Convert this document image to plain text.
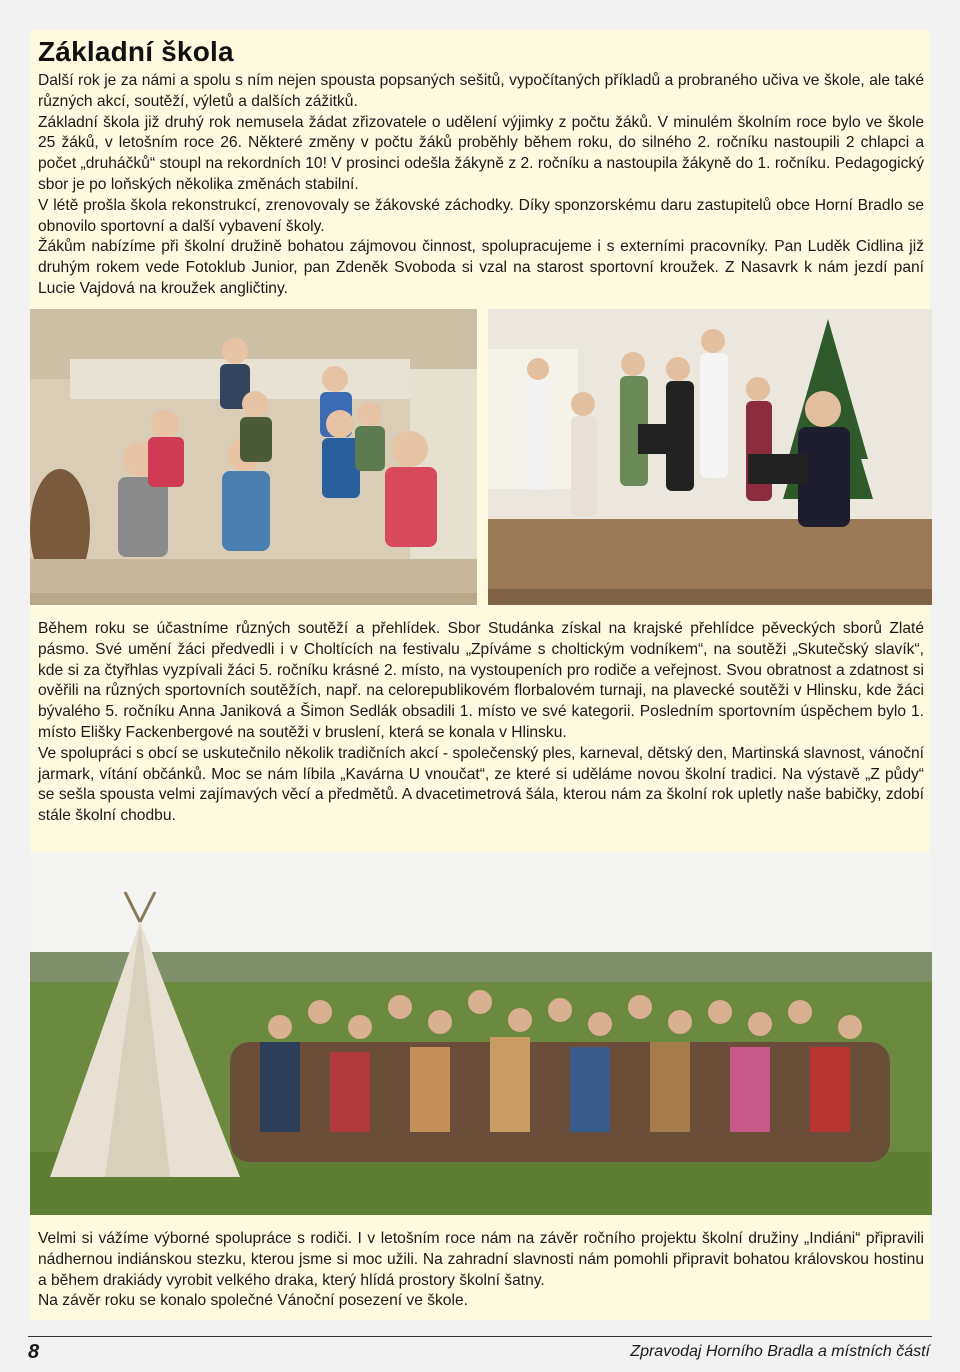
Základní škola

Další rok je za námi a spolu s ním nejen spousta popsaných sešitů, vypočítaných příkladů a probraného učiva ve škole, ale také různých akcí, soutěží, výletů a dalších zážitků.

Základní škola již druhý rok nemusela žádat zřizovatele o udělení výjimky z počtu žáků. V minulém školním roce bylo ve škole 25 žáků, v letošním roce 26. Některé změny v počtu žáků proběhly během roku, do silného 2. ročníku nastoupili 2 chlapci a počet „druháčků“ stoupl na rekordních 10! V prosinci odešla žákyně z 2. ročníku a nastoupila žákyně do 1. ročníku. Pedagogický sbor je po loňských několika změnách stabilní.

V létě prošla škola rekonstrukcí, zrenovovaly se žákovské záchodky. Díky sponzorskému daru zastupitelů obce Horní Bradlo se obnovilo sportovní a další vybavení školy.

Žákům nabízíme při školní družině bohatou zájmovou činnost, spolupracujeme i s externími pracovníky. Pan Luděk Cidlina již druhým rokem vede Fotoklub Junior, pan Zdeněk Svoboda si vzal na starost sportovní kroužek. Z Nasavrk k nám jezdí paní Lucie Vajdová na kroužek angličtiny.

Během roku se účastníme různých soutěží a přehlídek. Sbor Studánka získal na krajské přehlídce pěveckých sborů Zlaté pásmo. Své umění žáci předvedli i v Choltících na festivalu „Zpíváme s choltickým vodníkem“, na soutěži „Skutečský slavík“, kde si za čtyřhlas vyzpívali žáci 5. ročníku krásné 2. místo, na vystoupeních pro rodiče a veřejnost. Svou obratnost a zdatnost si ověřili na různých sportovních soutěžích, např. na celorepublikovém florbalovém turnaji, na plavecké soutěži v Hlinsku, kde žáci bývalého 5. ročníku Anna Janiková a Šimon Sedlák obsadili 1. místo ve své kategorii. Posledním sportovním úspěchem bylo 1. místo Elišky Fackenbergové na soutěži v bruslení, která se konala v Hlinsku.

Ve spolupráci s obcí se uskutečnilo několik tradičních akcí - společenský ples, karneval, dětský den, Martinská slavnost, vánoční jarmark, vítání občánků. Moc se nám líbila „Kavárna U vnoučat“, ze které si uděláme novou školní tradici. Na výstavě „Z půdy“ se sešla spousta velmi zajímavých věcí a předmětů. A dvacetimetrová šála, kterou nám za školní rok upletly naše babičky, zdobí stále školní chodbu.

Velmi si vážíme výborné spolupráce s rodiči. I v letošním roce nám na závěr ročního projektu školní družiny „Indiáni“ připravili nádhernou indiánskou stezku, kterou jsme si moc užili. Na zahradní slavnosti nám pomohli připravit bohatou královskou hostinu a během drakiády vyrobit velkého draka, který hlídá prostory školní šatny.

Na závěr roku se konalo společné Vánoční posezení ve škole.

8	Zpravodaj Horního Bradla a místních částí
